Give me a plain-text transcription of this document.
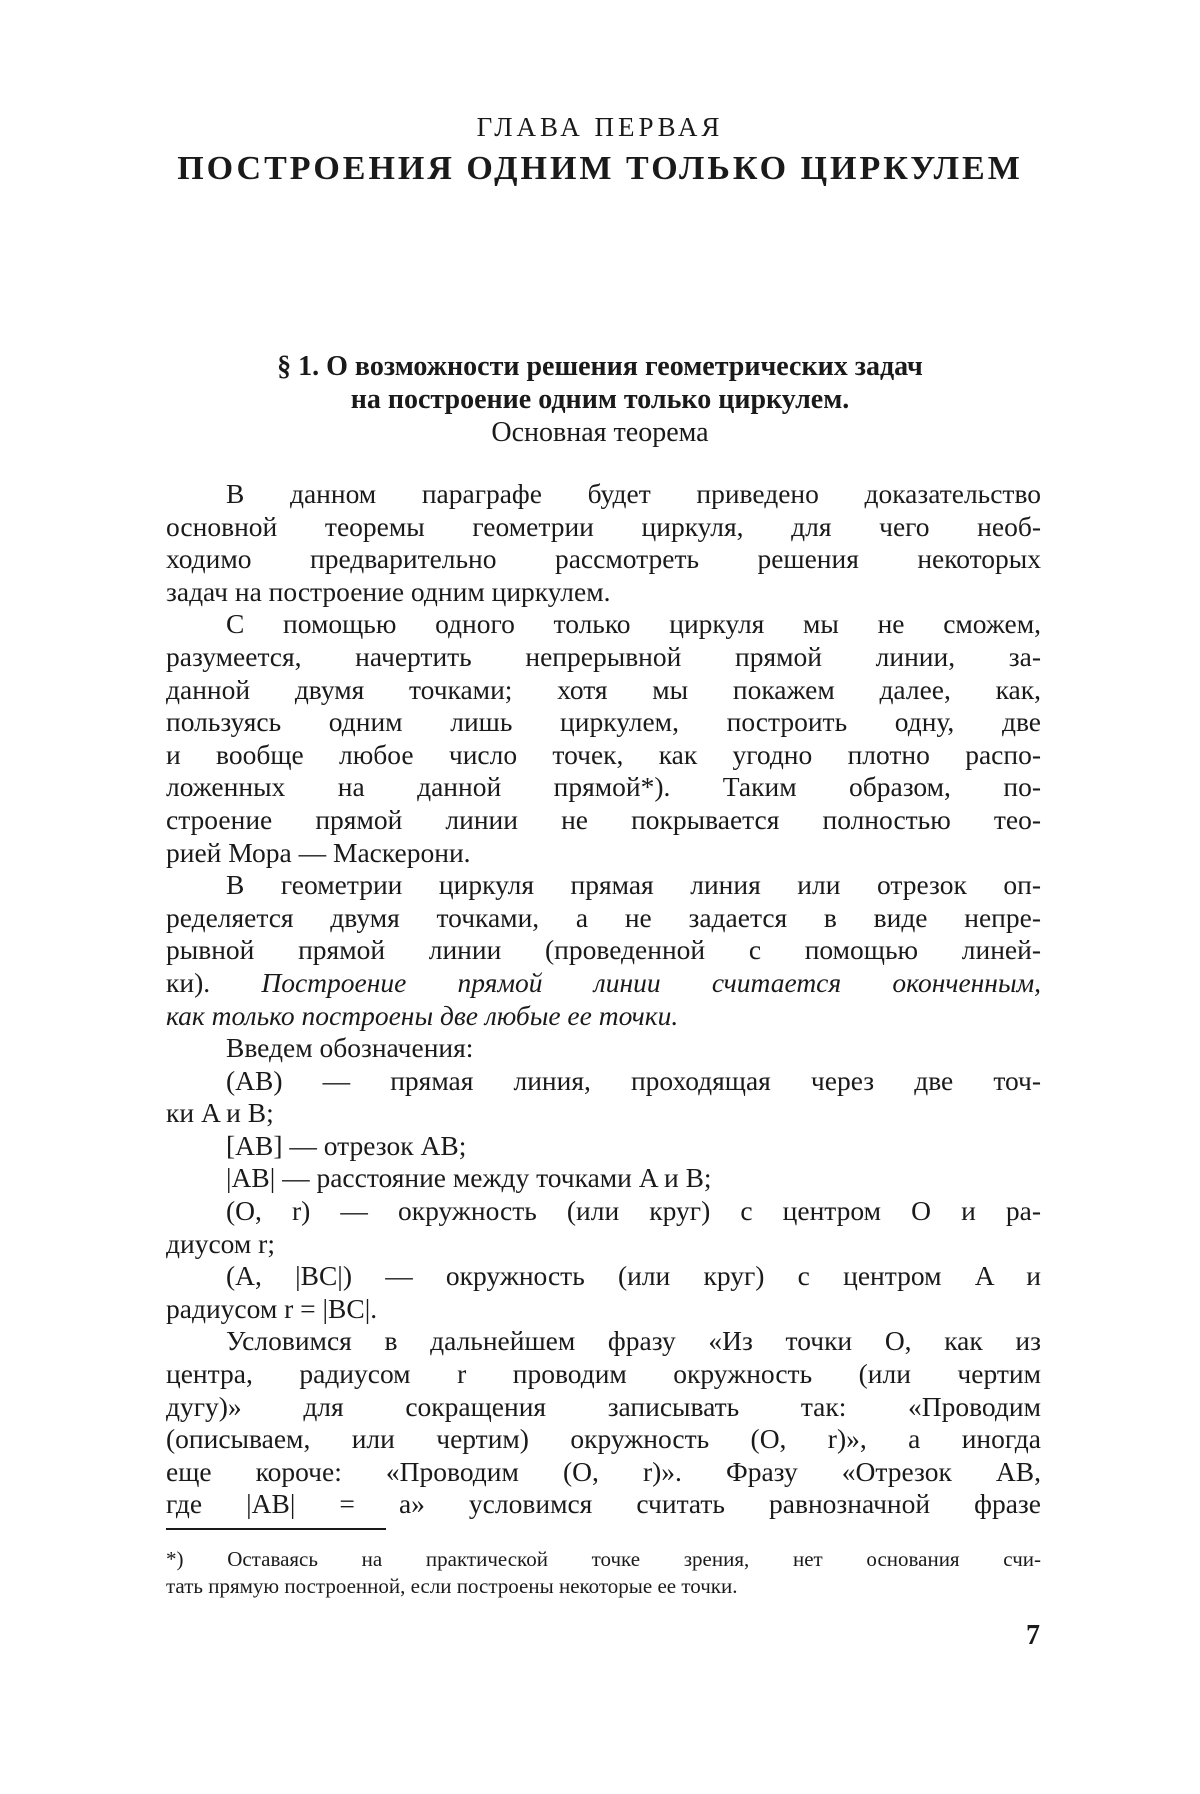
ГЛАВА ПЕРВАЯ
ПОСТРОЕНИЯ ОДНИМ ТОЛЬКО ЦИРКУЛЕМ
§ 1. О возможности решения геометрических задач
на построение одним только циркулем.
Основная теорема
В данном параграфе будет приведено доказательство
основной теоремы геометрии циркуля, для чего необ-
ходимо предварительно рассмотреть решения некоторых
задач на построение одним циркулем.
С помощью одного только циркуля мы не сможем,
разумеется, начертить непрерывной прямой линии, за-
данной двумя точками; хотя мы покажем далее, как,
пользуясь одним лишь циркулем, построить одну, две
и вообще любое число точек, как угодно плотно распо-
ложенных на данной прямой*). Таким образом, по-
строение прямой линии не покрывается полностью тео-
рией Мора — Маскерони.
В геометрии циркуля прямая линия или отрезок оп-
ределяется двумя точками, а не задается в виде непре-
рывной прямой линии (проведенной с помощью линей-
ки). Построение прямой линии считается оконченным,
как только построены две любые ее точки.
Введем обозначения:
(AB) — прямая линия, проходящая через две точ-
ки A и B;
[AB] — отрезок AB;
|AB| — расстояние между точками A и B;
(O, r) — окружность (или круг) с центром O и ра-
диусом r;
(A, |BC|) — окружность (или круг) с центром A и
радиусом r = |BC|.
Условимся в дальнейшем фразу «Из точки O, как из
центра, радиусом r проводим окружность (или чертим
дугу)» для сокращения записывать так: «Проводим
(описываем, или чертим) окружность (O, r)», а иногда
еще короче: «Проводим (O, r)». Фразу «Отрезок AB,
где |AB| = a» условимся считать равнозначной фразе
*) Оставаясь на практической точке зрения, нет основания счи-
тать прямую построенной, если построены некоторые ее точки.
7
